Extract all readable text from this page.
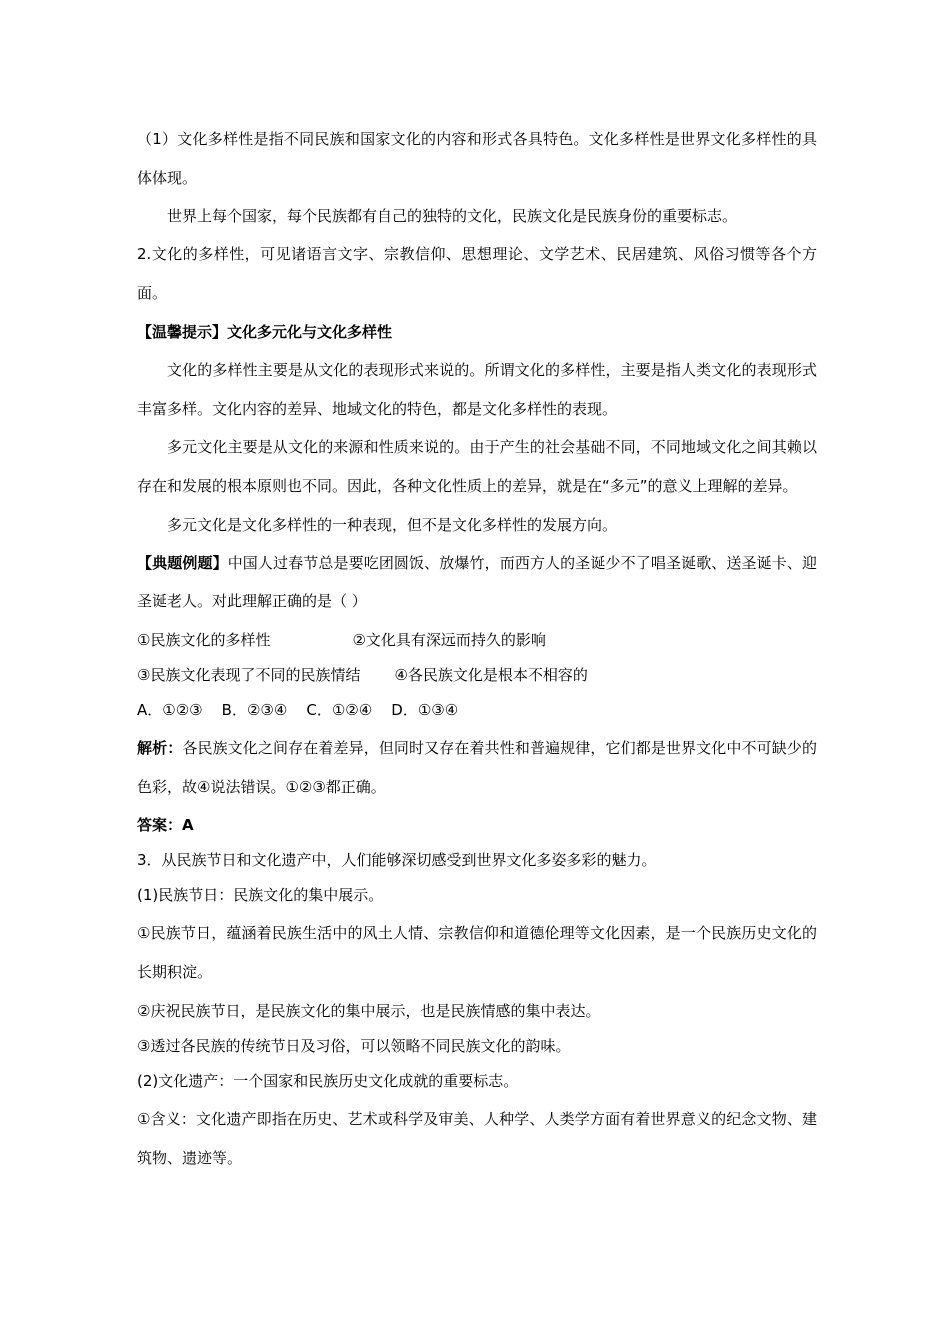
（1）文化多样性是指不同民族和国家文化的内容和形式各具特色。文化多样性是世界文化多样性的具体体现。

世界上每个国家，每个民族都有自己的独特的文化，民族文化是民族身份的重要标志。

2.文化的多样性，可见诸语言文字、宗教信仰、思想理论、文学艺术、民居建筑、风俗习惯等各个方面。

【温馨提示】文化多元化与文化多样性

文化的多样性主要是从文化的表现形式来说的。所谓文化的多样性，主要是指人类文化的表现形式丰富多样。文化内容的差异、地域文化的特色，都是文化多样性的表现。

多元文化主要是从文化的来源和性质来说的。由于产生的社会基础不同，不同地域文化之间其赖以存在和发展的根本原则也不同。因此，各种文化性质上的差异，就是在“多元”的意义上理解的差异。

多元文化是文化多样性的一种表现，但不是文化多样性的发展方向。

【典题例题】中国人过春节总是要吃团圆饭、放爆竹，而西方人的圣诞少不了唱圣诞歌、送圣诞卡、迎圣诞老人。对此理解正确的是（ ）

①民族文化的多样性	②文化具有深远而持久的影响

③民族文化表现了不同的民族情结 ④各民族文化是根本不相容的

A．①②③    B．②③④    C．①②④    D．①③④

解析：各民族文化之间存在着差异，但同时又存在着共性和普遍规律，它们都是世界文化中不可缺少的色彩，故④说法错误。①②③都正确。

答案：A

3．从民族节日和文化遗产中，人们能够深切感受到世界文化多姿多彩的魅力。

(1)民族节日：民族文化的集中展示。

①民族节日，蕴涵着民族生活中的风土人情、宗教信仰和道德伦理等文化因素，是一个民族历史文化的长期积淀。

②庆祝民族节日，是民族文化的集中展示，也是民族情感的集中表达。

③透过各民族的传统节日及习俗，可以领略不同民族文化的韵味。

(2)文化遗产：一个国家和民族历史文化成就的重要标志。

①含义：文化遗产即指在历史、艺术或科学及审美、人种学、人类学方面有着世界意义的纪念文物、建筑物、遗迹等。
